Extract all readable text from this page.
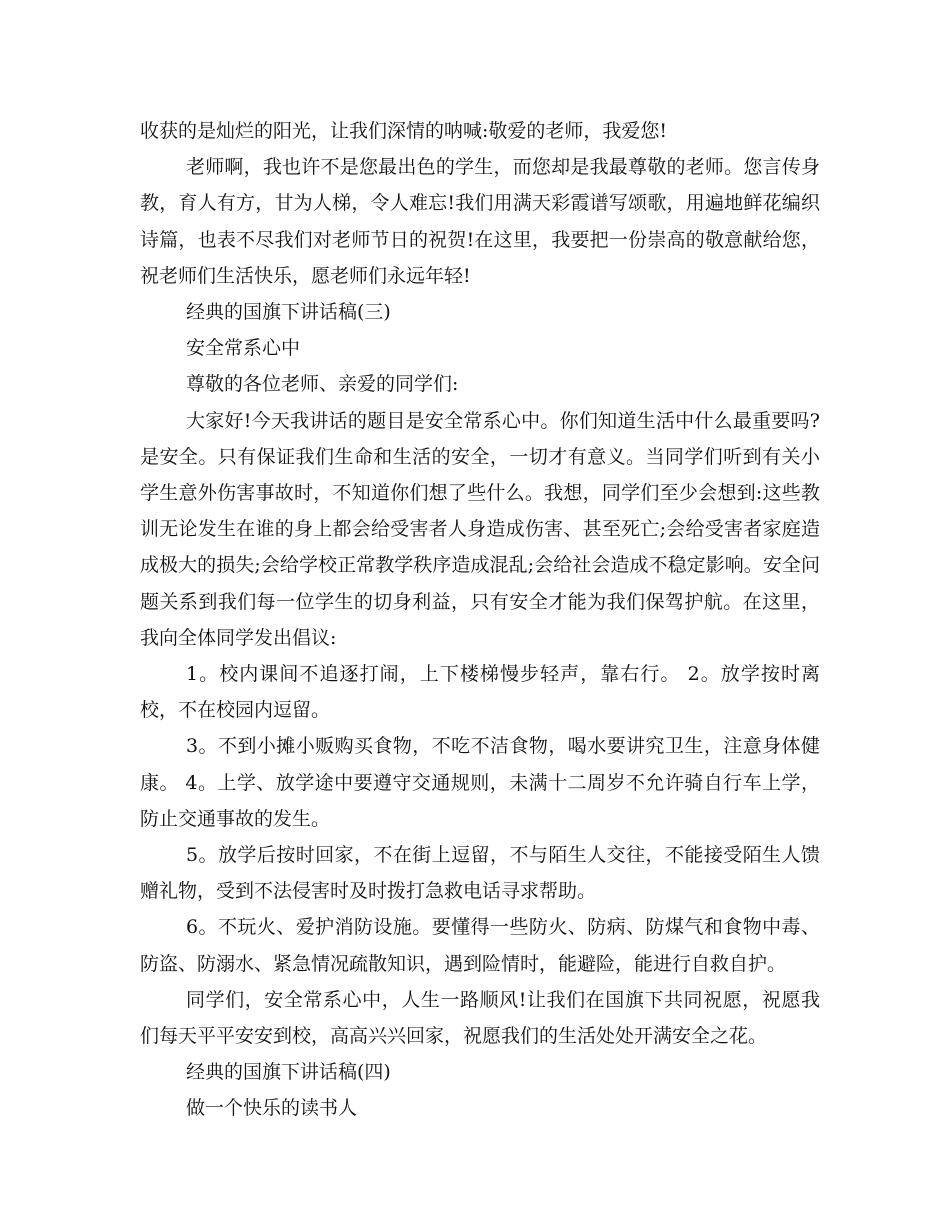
收获的是灿烂的阳光，让我们深情的呐喊:敬爱的老师，我爱您!

老师啊，我也许不是您最出色的学生，而您却是我最尊敬的老师。您言传身教，育人有方，甘为人梯，令人难忘!我们用满天彩霞谱写颂歌，用遍地鲜花编织诗篇，也表不尽我们对老师节日的祝贺!在这里，我要把一份崇高的敬意献给您，祝老师们生活快乐，愿老师们永远年轻!

经典的国旗下讲话稿(三)

安全常系心中

尊敬的各位老师、亲爱的同学们:

大家好!今天我讲话的题目是安全常系心中。你们知道生活中什么最重要吗?是安全。只有保证我们生命和生活的安全，一切才有意义。当同学们听到有关小学生意外伤害事故时，不知道你们想了些什么。我想，同学们至少会想到:这些教训无论发生在谁的身上都会给受害者人身造成伤害、甚至死亡;会给受害者家庭造成极大的损失;会给学校正常教学秩序造成混乱;会给社会造成不稳定影响。安全问题关系到我们每一位学生的切身利益，只有安全才能为我们保驾护航。在这里，我向全体同学发出倡议:

1。校内课间不追逐打闹，上下楼梯慢步轻声，靠右行。 2。放学按时离校，不在校园内逗留。

3。不到小摊小贩购买食物，不吃不洁食物，喝水要讲究卫生，注意身体健康。 4。上学、放学途中要遵守交通规则，未满十二周岁不允许骑自行车上学，防止交通事故的发生。

5。放学后按时回家，不在街上逗留，不与陌生人交往，不能接受陌生人馈赠礼物，受到不法侵害时及时拨打急救电话寻求帮助。

6。不玩火、爱护消防设施。要懂得一些防火、防病、防煤气和食物中毒、防盗、防溺水、紧急情况疏散知识，遇到险情时，能避险，能进行自救自护。

同学们，安全常系心中，人生一路顺风!让我们在国旗下共同祝愿，祝愿我们每天平平安安到校，高高兴兴回家，祝愿我们的生活处处开满安全之花。

经典的国旗下讲话稿(四)

做一个快乐的读书人
